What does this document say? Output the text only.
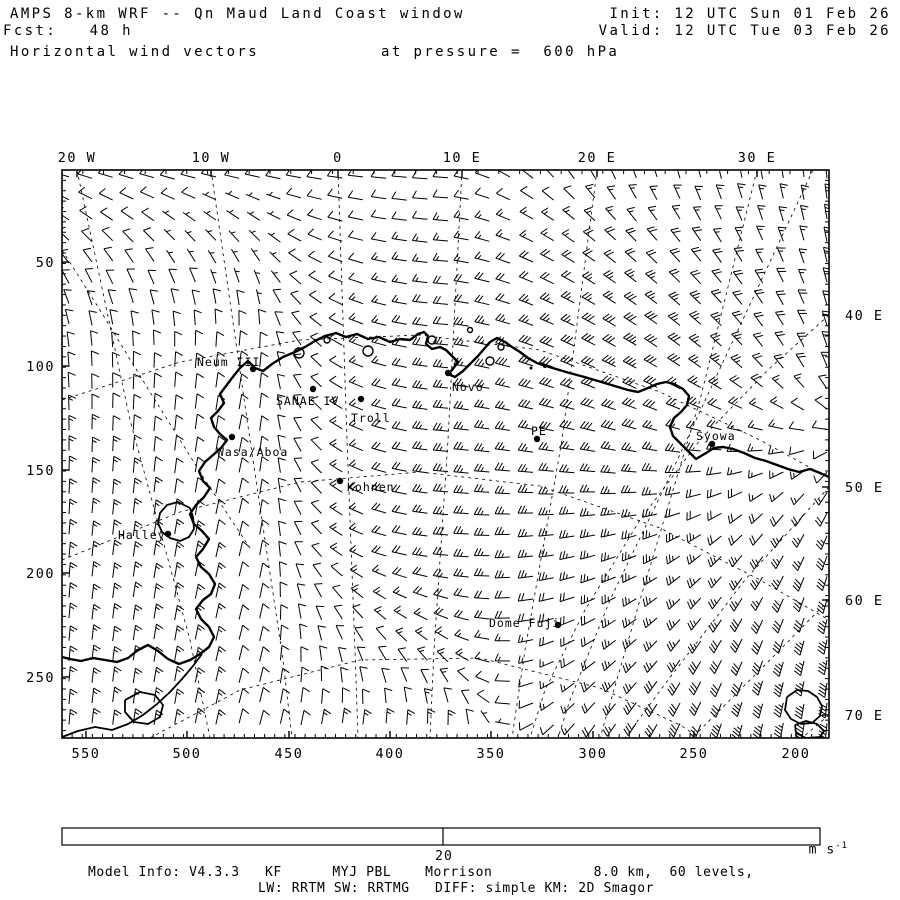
AMPS 8-km WRF -- Qn Maud Land Coast window
Fcst:   48 h
Horizontal wind vectors	at pressure =  600 hPa
Init: 12 UTC Sun 01 Feb 26
Valid: 12 UTC Tue 03 Feb 26
20 W	10 W	0	10 E	20 E	30 E
550	500	450	400	350	300	250	200
50
100
150
200
250
40 E
50 E
60 E
70 E
Neum III
SANAE IV
Troll
Novo
Wasa/Aboa
Halley
Kohnen
PE	Syowa
Dome Fuji
20	m $s^{-1}$
Model Info: V4.3.3   KF      MYJ PBL    Morrison            8.0 km,  60 levels,
LW: RRTM SW: RRTMG   DIFF: simple KM: 2D Smagor
